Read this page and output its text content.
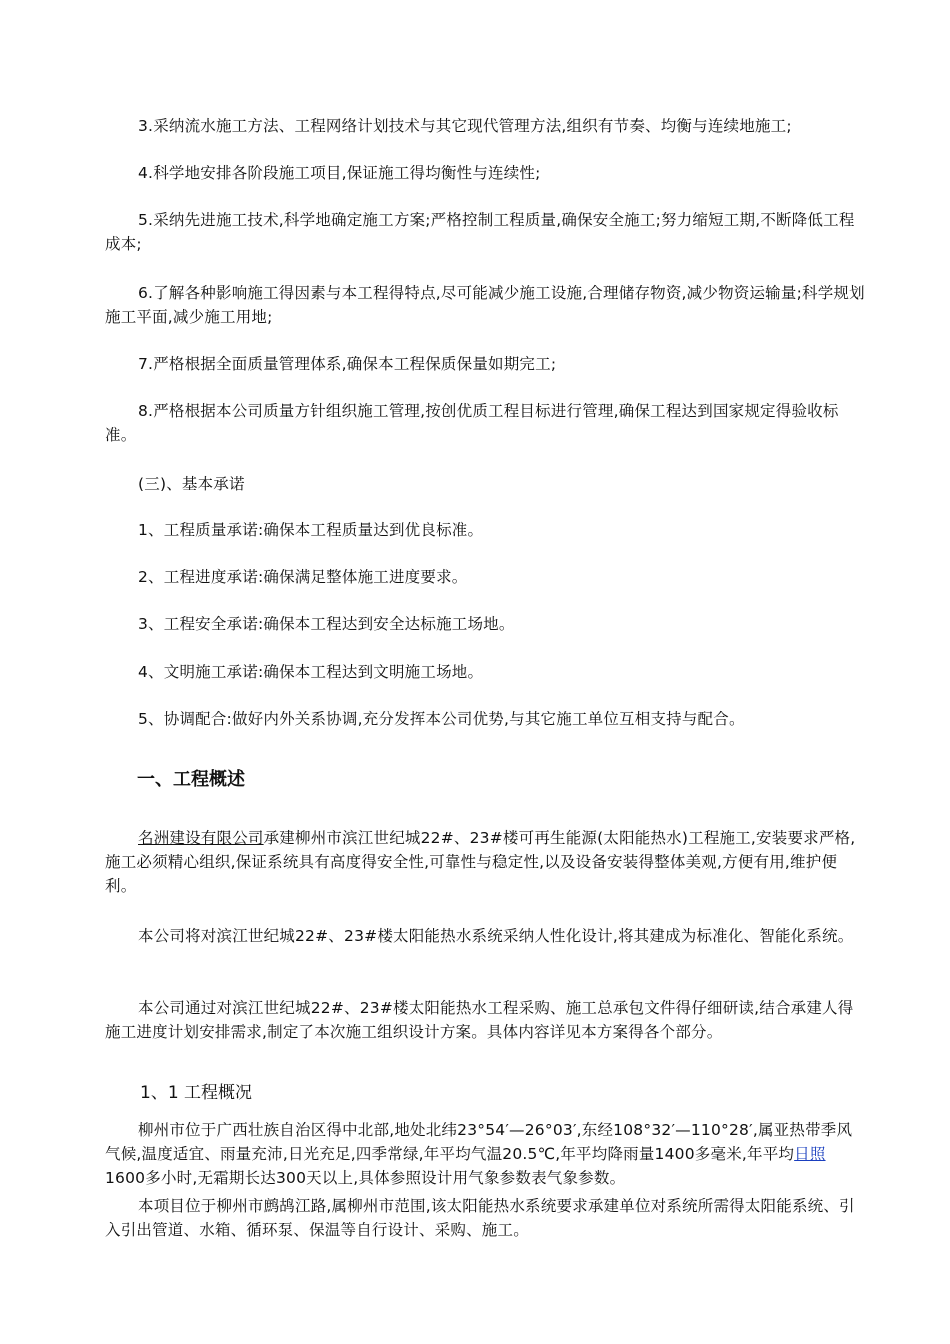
3.采纳流水施工方法、工程网络计划技术与其它现代管理方法,组织有节奏、均衡与连续地施工;
4.科学地安排各阶段施工项目,保证施工得均衡性与连续性;
5.采纳先进施工技术,科学地确定施工方案;严格控制工程质量,确保安全施工;努力缩短工期,不断降低工程成本;
6.了解各种影响施工得因素与本工程得特点,尽可能减少施工设施,合理储存物资,减少物资运输量;科学规划施工平面,减少施工用地;
7.严格根据全面质量管理体系,确保本工程保质保量如期完工;
8.严格根据本公司质量方针组织施工管理,按创优质工程目标进行管理,确保工程达到国家规定得验收标准。
(三)、基本承诺
1、工程质量承诺:确保本工程质量达到优良标准。
2、工程进度承诺:确保满足整体施工进度要求。
3、工程安全承诺:确保本工程达到安全达标施工场地。
4、文明施工承诺:确保本工程达到文明施工场地。
5、协调配合:做好内外关系协调,充分发挥本公司优势,与其它施工单位互相支持与配合。
一、工程概述
名洲建设有限公司承建柳州市滨江世纪城22#、23#楼可再生能源(太阳能热水)工程施工,安装要求严格,施工必须精心组织,保证系统具有高度得安全性,可靠性与稳定性,以及设备安装得整体美观,方便有用,维护便利。
本公司将对滨江世纪城22#、23#楼太阳能热水系统采纳人性化设计,将其建成为标准化、智能化系统。
本公司通过对滨江世纪城22#、23#楼太阳能热水工程采购、施工总承包文件得仔细研读,结合承建人得施工进度计划安排需求,制定了本次施工组织设计方案。具体内容详见本方案得各个部分。
1、1 工程概况
柳州市位于广西壮族自治区得中北部,地处北纬23°54′—26°03′,东经108°32′—110°28′,属亚热带季风气候,温度适宜、雨量充沛,日光充足,四季常绿,年平均气温20.5℃,年平均降雨量1400多毫米,年平均日照1600多小时,无霜期长达300天以上,具体参照设计用气象参数表气象参数。
本项目位于柳州市鹧鸪江路,属柳州市范围,该太阳能热水系统要求承建单位对系统所需得太阳能系统、引入引出管道、水箱、循环泵、保温等自行设计、采购、施工。
